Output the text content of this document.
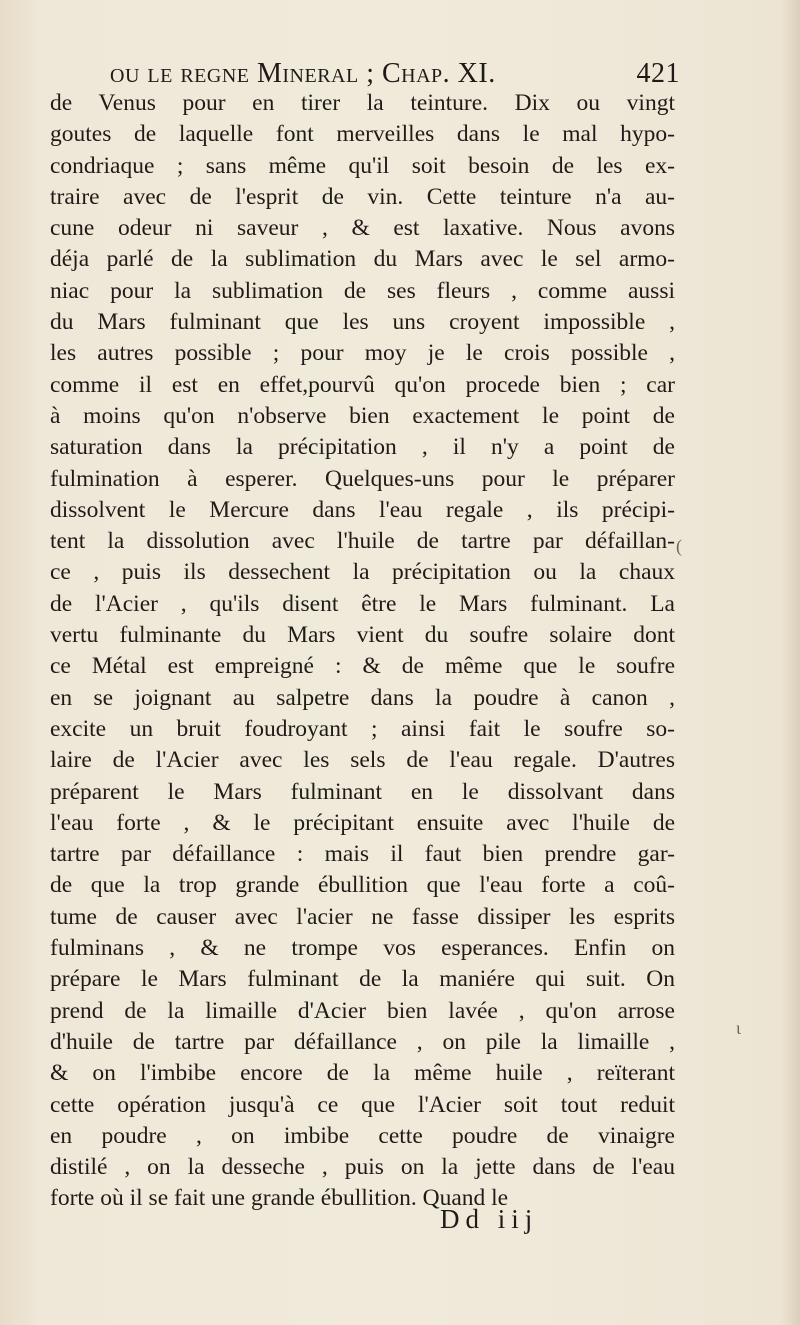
ou le regne Mineral ; Chap. XI.	421
de Venus pour en tirer la teinture. Dix ou vingt
goutes de laquelle font merveilles dans le mal hypo-
condriaque ; sans même qu'il soit besoin de les ex-
traire avec de l'esprit de vin. Cette teinture n'a au-
cune odeur ni saveur , & est laxative. Nous avons
déja parlé de la sublimation du Mars avec le sel armo-
niac pour la sublimation de ses fleurs , comme aussi
du Mars fulminant que les uns croyent impossible ,
les autres possible ; pour moy je le crois possible ,
comme il est en effet,pourvû qu'on procede bien ; car
à moins qu'on n'observe bien exactement le point de
saturation dans la précipitation , il n'y a point de
fulmination à esperer. Quelques-uns pour le préparer
dissolvent le Mercure dans l'eau regale , ils précipi-
tent la dissolution avec l'huile de tartre par défaillan-
ce , puis ils dessechent la précipitation ou la chaux
de l'Acier , qu'ils disent être le Mars fulminant. La
vertu fulminante du Mars vient du soufre solaire dont
ce Métal est empreigné : & de même que le soufre
en se joignant au salpetre dans la poudre à canon ,
excite un bruit foudroyant ; ainsi fait le soufre so-
laire de l'Acier avec les sels de l'eau regale. D'autres
préparent le Mars fulminant en le dissolvant dans
l'eau forte , & le précipitant ensuite avec l'huile de
tartre par défaillance : mais il faut bien prendre gar-
de que la trop grande ébullition que l'eau forte a coû-
tume de causer avec l'acier ne fasse dissiper les esprits
fulminans , & ne trompe vos esperances. Enfin on
prépare le Mars fulminant de la maniére qui suit. On
prend de la limaille d'Acier bien lavée , qu'on arrose
d'huile de tartre par défaillance , on pile la limaille ,
& on l'imbibe encore de la même huile , reïterant
cette opération jusqu'à ce que l'Acier soit tout reduit
en poudre , on imbibe cette poudre de vinaigre
distilé , on la desseche , puis on la jette dans de l'eau
forte où il se fait une grande ébullition. Quand le
Dd iij
(
ι
